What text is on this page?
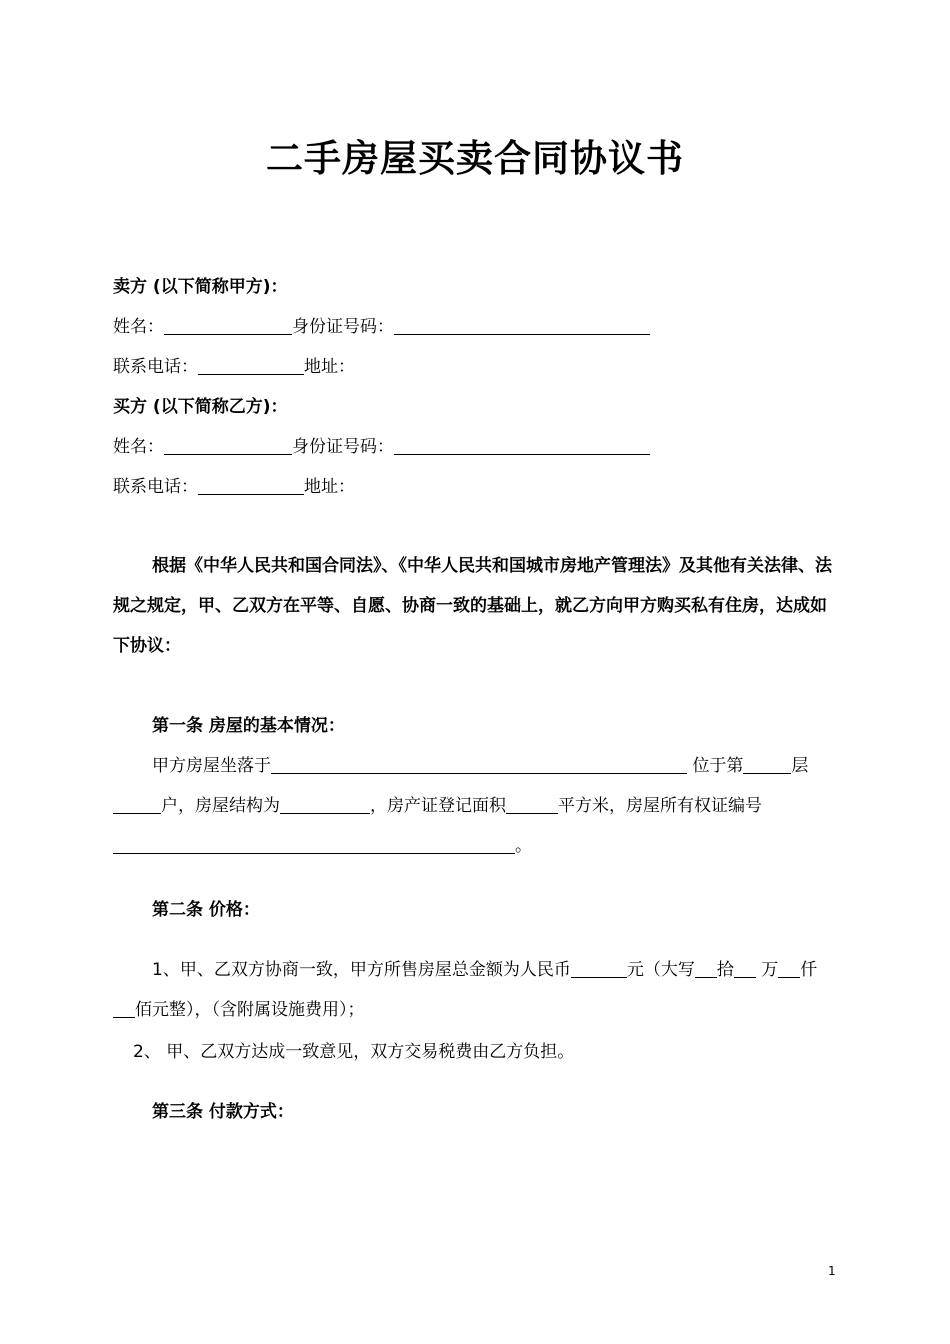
二手房屋买卖合同协议书
卖方 (以下简称甲方)：
姓名：	身份证号码：
联系电话：	地址：
买方 (以下简称乙方)：
姓名：	身份证号码：
联系电话：	地址：
根据《中华人民共和国合同法》、《中华人民共和国城市房地产管理法》及其他有关法律、法规之规定，甲、乙双方在平等、自愿、协商一致的基础上，就乙方向甲方购买私有住房，达成如下协议：
第一条 房屋的基本情况：
甲方房屋坐落于	位于第	层户，房屋结构为	，房产证登记面积	平方米，房屋所有权证编号。
第二条 价格：
1、甲、乙双方协商一致，甲方所售房屋总金额为人民币	元（大写 拾 万 仟佰元整），（含附属设施费用）；
2、 甲、乙双方达成一致意见，双方交易税费由乙方负担。
第三条 付款方式：
1
